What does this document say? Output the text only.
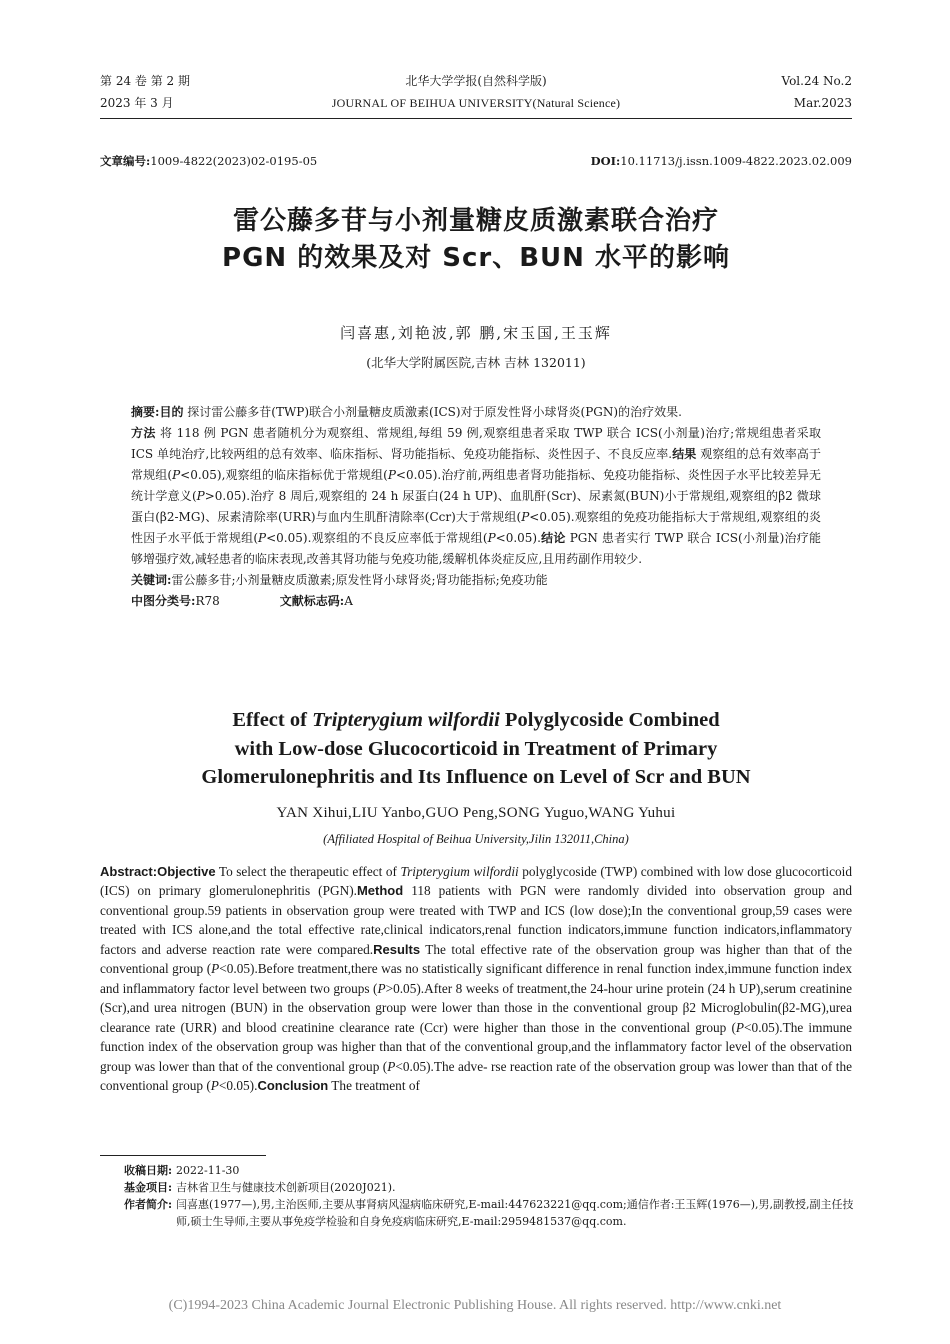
第 24 卷 第 2 期
2023 年 3 月
北华大学学报(自然科学版)
JOURNAL OF BEIHUA UNIVERSITY(Natural Science)
Vol.24 No.2
Mar.2023
文章编号:1009-4822(2023)02-0195-05	DOI:10.11713/j.issn.1009-4822.2023.02.009
雷公藤多苷与小剂量糖皮质激素联合治疗
PGN 的效果及对 Scr、BUN 水平的影响
闫喜惠,刘艳波,郭 鹏,宋玉国,王玉辉
(北华大学附属医院,吉林 吉林 132011)

摘要:目的 探讨雷公藤多苷(TWP)联合小剂量糖皮质激素(ICS)对于原发性肾小球肾炎(PGN)的治疗效果.
方法 将 118 例 PGN 患者随机分为观察组、常规组,每组 59 例,观察组患者采取 TWP 联合 ICS(小剂量)治疗;常规组患者采取 ICS 单纯治疗,比较两组的总有效率、临床指标、肾功能指标、免疫功能指标、炎性因子、不良反应率.结果 观察组的总有效率高于常规组(P<0.05),观察组的临床指标优于常规组(P<0.05).治疗前,两组患者肾功能指标、免疫功能指标、炎性因子水平比较差异无统计学意义(P>0.05).治疗 8 周后,观察组的 24 h 尿蛋白(24 h UP)、血肌酐(Scr)、尿素氮(BUN)小于常规组,观察组的β2 微球蛋白(β2-MG)、尿素清除率(URR)与血内生肌酐清除率(Ccr)大于常规组(P<0.05).观察组的免疫功能指标大于常规组,观察组的炎性因子水平低于常规组(P<0.05).观察组的不良反应率低于常规组(P<0.05).结论 PGN 患者实行 TWP 联合 ICS(小剂量)治疗能够增强疗效,减轻患者的临床表现,改善其肾功能与免疫功能,缓解机体炎症反应,且用药副作用较少.

关键词:雷公藤多苷;小剂量糖皮质激素;原发性肾小球肾炎;肾功能指标;免疫功能

中图分类号:R78	文献标志码:A

Effect of Tripterygium wilfordii Polyglycoside Combined
with Low-dose Glucocorticoid in Treatment of Primary
Glomerulonephritis and Its Influence on Level of Scr and BUN
YAN Xihui,LIU Yanbo,GUO Peng,SONG Yuguo,WANG Yuhui
(Affiliated Hospital of Beihua University,Jilin 132011,China)
Abstract:Objective To select the therapeutic effect of Tripterygium wilfordii polyglycoside (TWP) combined with low dose glucocorticoid (ICS) on primary glomerulonephritis (PGN).Method 118 patients with PGN were randomly divided into observation group and conventional group.59 patients in observation group were treated with TWP and ICS (low dose);In the conventional group,59 cases were treated with ICS alone,and the total effective rate,clinical indicators,renal function indicators,immune function indicators,inflammatory factors and adverse reaction rate were compared.Results The total effective rate of the observation group was higher than that of the conventional group (P<0.05).Before treatment,there was no statistically significant difference in renal function index,immune function index and inflammatory factor level between two groups (P>0.05).After 8 weeks of treatment,the 24-hour urine protein (24 h UP),serum creatinine (Scr),and urea nitrogen (BUN) in the observation group were lower than those in the conventional group β2 Microglobulin(β2-MG),urea clearance rate (URR) and blood creatinine clearance rate (Ccr) were higher than those in the conventional group (P<0.05).The immune function index of the observation group was higher than that of the conventional group,and the inflammatory factor level of the observation group was lower than that of the conventional group (P<0.05).The adve- rse reaction rate of the observation group was lower than that of the conventional group (P<0.05).Conclusion The treatment of
收稿日期: 2022-11-30
基金项目: 吉林省卫生与健康技术创新项目(2020J021).
作者简介: 闫喜惠(1977—),男,主治医师,主要从事肾病风湿病临床研究,E-mail:447623221@qq.com;通信作者:王玉辉(1976—),男,副教授,副主任技师,硕士生导师,主要从事免疫学检验和自身免疫病临床研究,E-mail:2959481537@qq.com.
(C)1994-2023 China Academic Journal Electronic Publishing House. All rights reserved. http://www.cnki.net
